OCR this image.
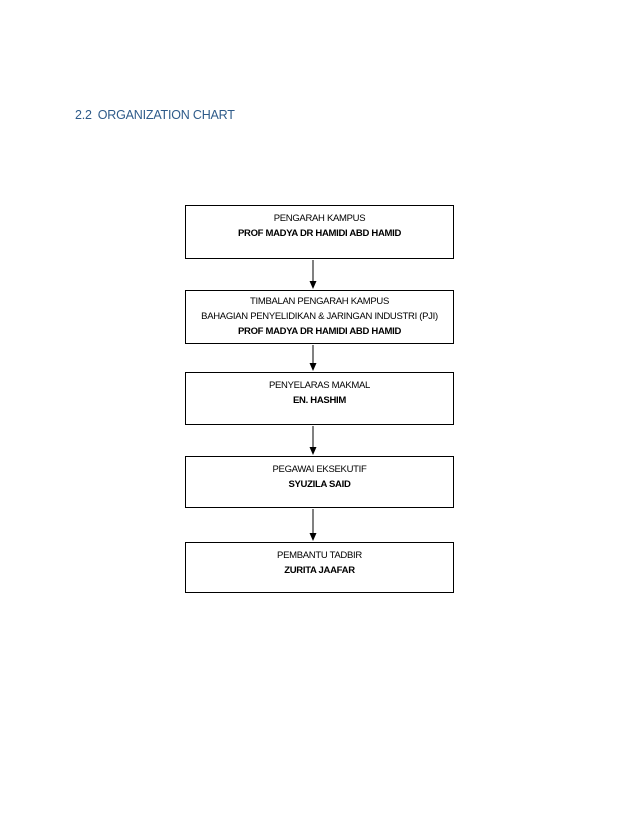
2.2 ORGANIZATION CHART
PENGARAH KAMPUS
PROF MADYA DR HAMIDI ABD HAMID
TIMBALAN PENGARAH KAMPUS
BAHAGIAN PENYELIDIKAN & JARINGAN INDUSTRI (PJI)
PROF MADYA DR HAMIDI ABD HAMID
PENYELARAS MAKMAL
EN. HASHIM
PEGAWAI EKSEKUTIF
SYUZILA SAID
PEMBANTU TADBIR
ZURITA JAAFAR
